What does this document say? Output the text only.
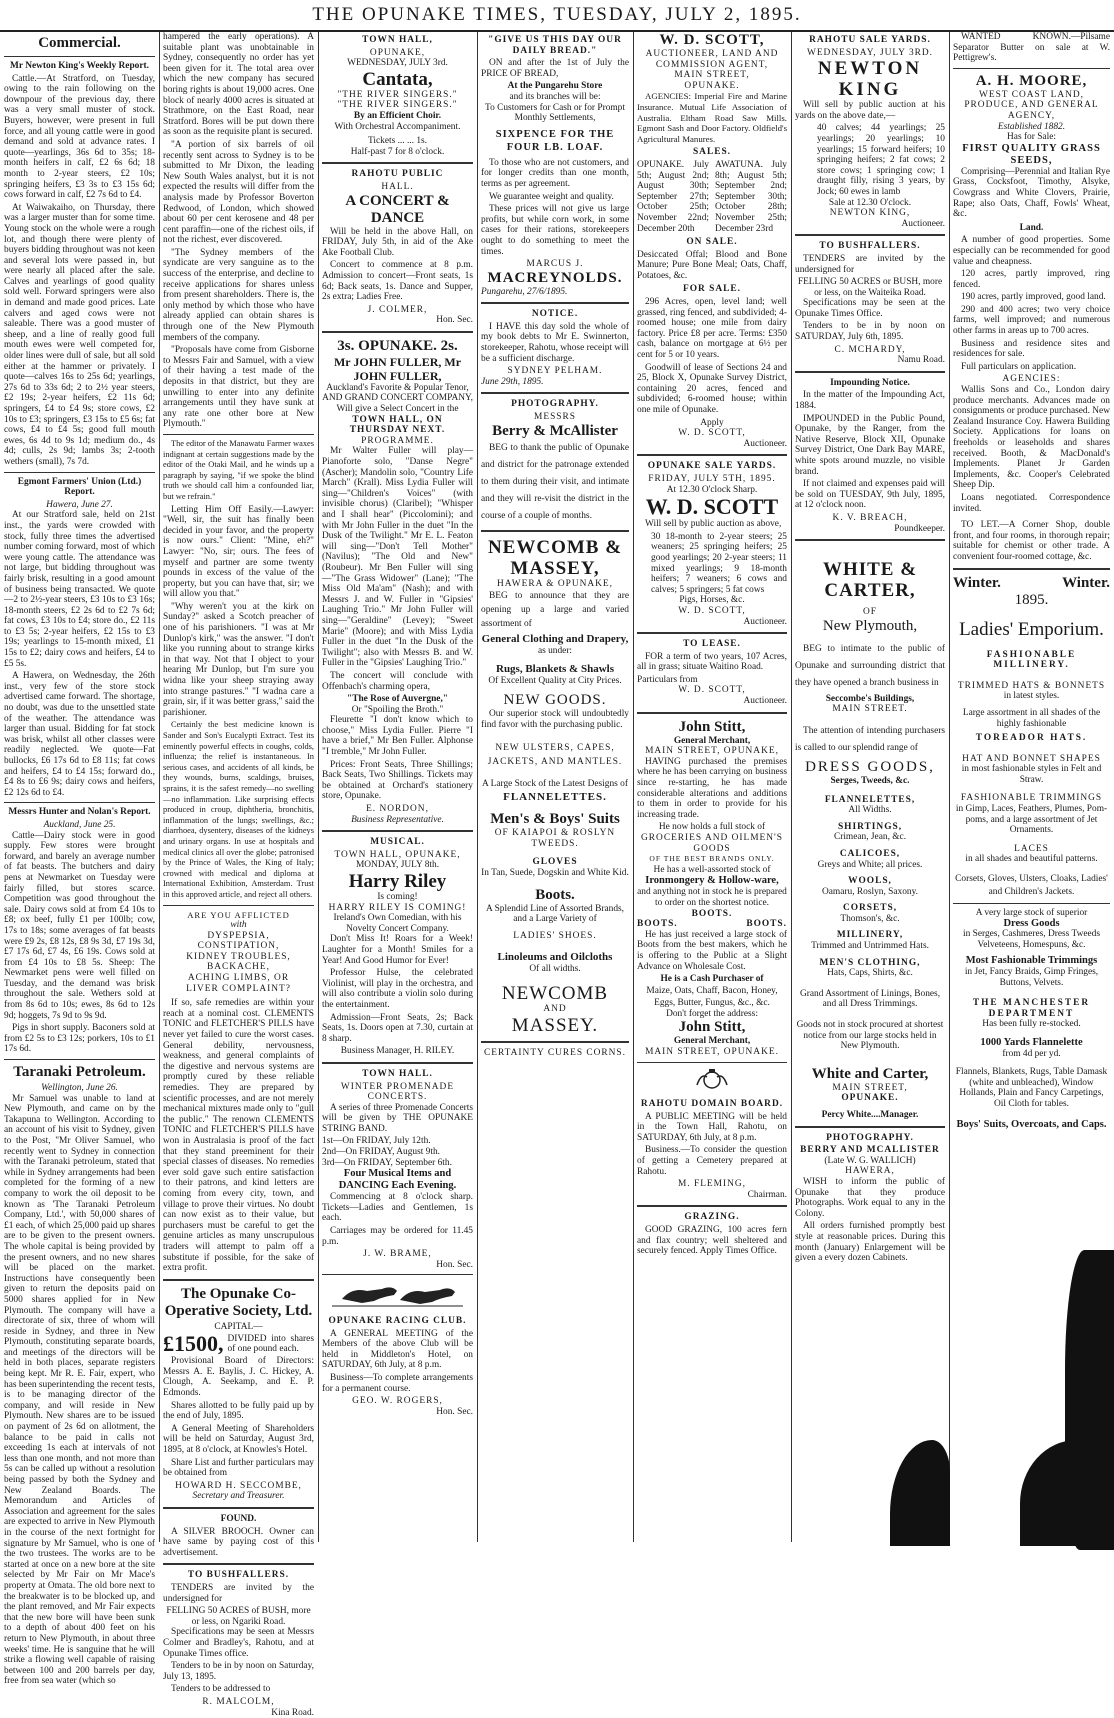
THE OPUNAKE TIMES, TUESDAY, JULY 2, 1895.
Commercial.
Mr Newton King's Weekly Report.

Cattle.—At Stratford, on Tuesday, owing to the rain following on the downpour of the previous day, there was a very small muster of stock. Buyers, however, were present in full force, and all young cattle were in good demand and sold at advance rates. I quote—yearlings, 36s 6d to 35s; 18-month heifers in calf, £2 6s 6d; 18 month to 2-year steers, £2 10s; springing heifers, £3 3s to £3 15s 6d; cows forward in calf, £2 7s 6d to £4.

At Waiwakaiho, on Thursday, there was a larger muster than for some time. Young stock on the whole were a rough lot, and though there were plenty of buyers bidding throughout was not keen and several lots were passed in, but were nearly all placed after the sale. Calves and yearlings of good quality sold well. Forward springers were also in demand and made good prices. Late calvers and aged cows were not saleable. There was a good muster of sheep, and a line of really good full mouth ewes were well competed for, older lines were dull of sale, but all sold either at the hammer or privately. I quote—calves 16s to 25s 6d; yearlings, 27s 6d to 33s 6d; 2 to 2½ year steers, £2 19s; 2-year heifers, £2 11s 6d; springers, £4 to £4 9s; store cows, £2 10s to £3; springers, £3 15s to £5 6s; fat cows, £4 to £4 5s; good full mouth ewes, 6s 4d to 9s 1d; medium do., 4s 4d; culls, 2s 9d; lambs 3s; 2-tooth wethers (small), 7s 7d.

Egmont Farmers' Union (Ltd.) Report.
Hawera, June 27.

At our Stratford sale, held on 21st inst., the yards were crowded with stock, fully three times the advertised number coming forward, most of which were young cattle. The attendance was not large, but bidding throughout was fairly brisk, resulting in a good amount of business being transacted. We quote—2 to 2½-year steers, £3 10s to £3 16s; 18-month steers, £2 2s 6d to £2 7s 6d; fat cows, £3 10s to £4; store do., £2 11s to £3 5s; 2-year heifers, £2 15s to £3 19s; yearlings to 15-month mixed, £1 15s to £2; dairy cows and heifers, £4 to £5 5s.

A Hawera, on Wednesday, the 26th inst., very few of the store stock advertised came forward. The shortage, no doubt, was due to the unsettled state of the weather. The attendance was larger than usual. Bidding for fat stock was brisk, whilst all other classes were readily neglected. We quote—Fat bullocks, £6 17s 6d to £8 11s; fat cows and heifers, £4 to £4 15s; forward do., £4 8s to £6 9s; dairy cows and heifers, £2 12s 6d to £4.

Messrs Hunter and Nolan's Report.
Auckland, June 25.

Cattle—Dairy stock were in good supply. Few stores were brought forward, and barely an average number of fat beasts. The butchers and dairy pens at Newmarket on Tuesday were fairly filled, but stores scarce. Competition was good throughout the sale. Dairy cows sold at from £4 10s to £8; ox beef, fully £1 per 100lb; cow, 17s to 18s; some averages of fat beasts were £9 2s, £8 12s, £8 9s 3d, £7 19s 3d, £7 17s 6d, £7 4s, £6 19s. Cows sold at from £4 10s to £8 5s. Sheep: The Newmarket pens were well filled on Tuesday, and the demand was brisk throughout the sale. Wethers sold at from 8s 6d to 10s; ewes, 8s 6d to 12s 9d; hoggets, 7s 9d to 9s 9d.

Pigs in short supply. Baconers sold at from £2 5s to £3 12s; porkers, 10s to £1 17s 6d.

Taranaki Petroleum.
Wellington, June 26.

Mr Samuel was unable to land at New Plymouth, and came on by the Takapuna to Wellington. According to an account of his visit to Sydney, given to the Post, "Mr Oliver Samuel, who recently went to Sydney in connection with the Taranaki petroleum, stated that while in Sydney arrangements had been completed for the forming of a new company to work the oil deposit to be known as 'The Taranaki Petroleum Company, Ltd.', with 50,000 shares of £1 each, of which 25,000 paid up shares are to be given to the present owners. The whole capital is being provided by the present owners, and no new shares will be placed on the market. Instructions have consequently been given to return the deposits paid on 5000 shares applied for in New Plymouth. The company will have a directorate of six, three of whom will reside in Sydney, and three in New Plymouth, constituting separate boards, and meetings of the directors will be held in both places, separate registers being kept. Mr R. E. Fair, expert, who has been superintending the recent tests, is to be managing director of the company, and will reside in New Plymouth. New shares are to be issued on payment of 2s 6d on allotment, the balance to be paid in calls not exceeding 1s each at intervals of not less than one month, and not more than 5s can be called up without a resolution being passed by both the Sydney and New Zealand Boards. The Memorandum and Articles of Association and agreement for the sales are expected to arrive in New Plymouth in the course of the next fortnight for signature by Mr Samuel, who is one of the two trustees. The works are to be started at once on a new bore at the site selected by Mr Fair on Mr Mace's property at Omata. The old bore next to the breakwater is to be blocked up, and the plant removed, and Mr Fair expects that the new bore will have been sunk to a depth of about 400 feet on his return to New Plymouth, in about three weeks' time. He is sanguine that he will strike a flowing well capable of raising between 100 and 200 barrels per day, free from sea water (which so

hampered the early operations). A suitable plant was unobtainable in Sydney, consequently no order has yet been given for it. The total area over which the new company has secured boring rights is about 19,000 acres. One block of nearly 4000 acres is situated at Strathmore, on the East Road, near Stratford. Bores will be put down there as soon as the requisite plant is secured.

"A portion of six barrels of oil recently sent across to Sydney is to be submitted to Mr Dixon, the leading New South Wales analyst, but it is not expected the results will differ from the analysis made by Professor Boverton Redwood, of London, which showed about 60 per cent kerosene and 48 per cent paraffin—one of the richest oils, if not the richest, ever discovered.

"The Sydney members of the syndicate are very sanguine as to the success of the enterprise, and decline to receive applications for shares unless from present shareholders. There is, the only method by which those who have already applied can obtain shares is through one of the New Plymouth members of the company.

"Proposals have come from Gisborne to Messrs Fair and Samuel, with a view of their having a test made of the deposits in that district, but they are unwilling to enter into any definite arrangements until they have sunk at any rate one other bore at New Plymouth."

The editor of the Manawatu Farmer waxes indignant at certain suggestions made by the editor of the Otaki Mail, and he winds up a paragraph by saying, "if we spoke the blind truth we should call him a confounded liar, but we refrain."

Letting Him Off Easily.—Lawyer: "Well, sir, the suit has finally been decided in your favor, and the property is now ours." Client: "Mine, eh?" Lawyer: "No, sir; ours. The fees of myself and partner are some twenty pounds in excess of the value of the property, but you can have that, sir; we will allow you that."

"Why weren't you at the kirk on Sunday?" asked a Scotch preacher of one of his parishioners. "I was at Mr Dunlop's kirk," was the answer. "I don't like you running about to strange kirks in that way. Not that I object to your hearing Mr Dunlop, but I'm sure you widna like your sheep straying away into strange pastures." "I wadna care a grain, sir, if it was better grass," said the parishioner.

Certainly the best medicine known is Sander and Son's Eucalypti Extract. Test its eminently powerful effects in coughs, colds, influenza; the relief is instantaneous. In serious cases, and accidents of all kinds, be they wounds, burns, scaldings, bruises, sprains, it is the safest remedy—no swelling—no inflammation. Like surprising effects produced in croup, diphtheria, bronchitis, inflammation of the lungs; swellings, &c.; diarrhoea, dysentery, diseases of the kidneys and urinary organs. In use at hospitals and medical clinics all over the globe; patronised by the Prince of Wales, the King of Italy; crowned with medical and diploma at International Exhibition, Amsterdam. Trust in this approved article, and reject all others.

ARE YOU AFFLICTED
with
DYSPEPSIA,
CONSTIPATION,
KIDNEY TROUBLES,
BACKACHE,
ACHING LIMBS, OR
LIVER COMPLAINT?

If so, safe remedies are within your reach at a nominal cost. CLEMENTS TONIC and FLETCHER'S PILLS have never yet failed to cure the worst cases. General debility, nervousness, weakness, and general complaints of the digestive and nervous systems are promptly cured by these reliable remedies. They are prepared by scientific processes, and are not merely mechanical mixtures made only to "gull the public." The renown CLEMENTS TONIC and FLETCHER'S PILLS have won in Australasia is proof of the fact that they stand preeminent for their special classes of diseases. No remedies ever sold gave such entire satisfaction to their patrons, and kind letters are coming from every city, town, and village to prove their virtues. No doubt can now exist as to their value, but purchasers must be careful to get the genuine articles as many unscrupulous traders will attempt to palm off a substitute if possible, for the sake of extra profit.

The Opunake Co-Operative Society, Ltd.
CAPITAL—
£1500, DIVIDED into shares of one pound each.

Provisional Board of Directors: Messrs A. E. Baylis, J. C. Hickey, A. Clough, A. Seekamp, and E. P. Edmonds.

Shares allotted to be fully paid up by the end of July, 1895.

A General Meeting of Shareholders will be held on Saturday, August 3rd, 1895, at 8 o'clock, at Knowles's Hotel.

Share List and further particulars may be obtained from

HOWARD H. SECCOMBE,
Secretary and Treasurer.
FOUND.

A SILVER BROOCH. Owner can have same by paying cost of this advertisement.

TO BUSHFALLERS.

TENDERS are invited by the undersigned for

FELLING 50 ACRES of BUSH, more or less, on Ngariki Road.

Specifications may be seen at Messrs Colmer and Bradley's, Rahotu, and at Opunake Times office.

Tenders to be in by noon on Saturday, July 13, 1895.

Tenders to be addressed to

R. MALCOLM,
Kina Road.
TOWN HALL,
OPUNAKE,
WEDNESDAY, JULY 3rd.
Cantata,
"THE RIVER SINGERS."
"THE RIVER SINGERS."
By an Efficient Choir.
With Orchestral Accompaniment.
Tickets ... ... 1s.
Half-past 7 for 8 o'clock.
RAHOTU PUBLIC
HALL.
A CONCERT & DANCE

Will be held in the above Hall, on FRIDAY, July 5th, in aid of the Ake Ake Football Club.

Concert to commence at 8 p.m. Admission to concert—Front seats, 1s 6d; Back seats, 1s. Dance and Supper, 2s extra; Ladies Free.

J. COLMER,
Hon. Sec.
3s. OPUNAKE. 2s.
Mr JOHN FULLER, Mr JOHN FULLER,
Auckland's Favorite & Popular Tenor, AND GRAND CONCERT COMPANY, Will give a Select Concert in the
TOWN HALL, ON THURSDAY NEXT.
PROGRAMME.

Mr Walter Fuller will play—Pianoforte solo, "Danse Negre" (Ascher); Mandolin solo, "Country Life March" (Krall). Miss Lydia Fuller will sing—"Children's Voices" (with invisible chorus) (Claribel); "Whisper and I shall hear" (Piccolomini); and with Mr John Fuller in the duet "In the Dusk of the Twilight." Mr E. L. Featon will sing—"Don't Tell Mother" (Navilus); "The Old and New" (Roubeur). Mr Ben Fuller will sing—"The Grass Widower" (Lane); "The Miss Old Ma'am" (Nash); and with Messrs J. and W. Fuller in "Gipsies' Laughing Trio." Mr John Fuller will sing—"Geraldine" (Levey); "Sweet Marie" (Moore); and with Miss Lydia Fuller in the duet "In the Dusk of the Twilight"; also with Messrs B. and W. Fuller in the "Gipsies' Laughing Trio."

The concert will conclude with Offenbach's charming opera,

"The Rose of Auvergne,"
Or "Spoiling the Broth."

Fleurette "I don't know which to choose," Miss Lydia Fuller. Pierre "I have a brief," Mr Ben Fuller. Alphonse "I tremble," Mr John Fuller.

Prices: Front Seats, Three Shillings; Back Seats, Two Shillings. Tickets may be obtained at Orchard's stationery store, Opunake.

E. NORDON,
Business Representative.
MUSICAL.
TOWN HALL, OPUNAKE,
MONDAY, JULY 8th.
Harry Riley
Is coming!
HARRY RILEY IS COMING!
Ireland's Own Comedian, with his Novelty Concert Company.

Don't Miss It! Roars for a Week! Laughter for a Month! Smiles for a Year! And Good Humor for Ever!

Professor Hulse, the celebrated Violinist, will play in the orchestra, and will also contribute a violin solo during the entertainment.

Admission—Front Seats, 2s; Back Seats, 1s. Doors open at 7.30, curtain at 8 sharp.

Business Manager, H. RILEY.
TOWN HALL.
WINTER PROMENADE CONCERTS.

A series of three Promenade Concerts will be given by THE OPUNAKE STRING BAND.

1st—On FRIDAY, July 12th.
2nd—On FRIDAY, August 9th.
3rd—On FRIDAY, September 6th.
Four Musical Items and DANCING Each Evening.

Commencing at 8 o'clock sharp. Tickets—Ladies and Gentlemen, 1s each.

Carriages may be ordered for 11.45 p.m.

J. W. BRAME,
Hon. Sec.
OPUNAKE RACING CLUB.

A GENERAL MEETING of the Members of the above Club will be held in Middleton's Hotel, on SATURDAY, 6th July, at 8 p.m.

Business—To complete arrangements for a permanent course.

GEO. W. ROGERS,
Hon. Sec.
"GIVE US THIS DAY OUR DAILY BREAD."

ON and after the 1st of July the PRICE OF BREAD,

At the Pungarehu Store
and its branches will be:
To Customers for Cash or for Prompt Monthly Settlements,
SIXPENCE FOR THE FOUR LB. LOAF.

To those who are not customers, and for longer credits than one month, terms as per agreement.

We guarantee weight and quality.

These prices will not give us large profits, but while corn work, in some cases for their rations, storekeepers ought to do something to meet the times.

MARCUS J.
MACREYNOLDS.
Pungarehu, 27/6/1895.
NOTICE.

I HAVE this day sold the whole of my book debts to Mr E. Swinnerton, storekeeper, Rahotu, whose receipt will be a sufficient discharge.

SYDNEY PELHAM.
June 29th, 1895.
PHOTOGRAPHY.
MESSRS
Berry & McAllister

BEG to thank the public of Opunake and district for the patronage extended to them during their visit, and intimate and they will re-visit the district in the course of a couple of months.

NEWCOMB & MASSEY,
HAWERA & OPUNAKE,

BEG to announce that they are opening up a large and varied assortment of

General Clothing and Drapery,
as under:
Rugs, Blankets & Shawls
Of Excellent Quality at City Prices.
NEW GOODS.

Our superior stock will undoubtedly find favor with the purchasing public.

NEW ULSTERS, CAPES, JACKETS, AND MANTLES.
A Large Stock of the Latest Designs of
FLANNELETTES.
Men's & Boys' Suits
OF KAIAPOI & ROSLYN TWEEDS.
GLOVES
In Tan, Suede, Dogskin and White Kid.
Boots.
A Splendid Line of Assorted Brands, and a Large Variety of
LADIES' SHOES.
Linoleums and Oilcloths
Of all widths.
NEWCOMB
AND
MASSEY.
CERTAINTY CURES CORNS.
W. D. SCOTT,
AUCTIONEER, LAND AND COMMISSION AGENT,
MAIN STREET,
OPUNAKE.

AGENCIES: Imperial Fire and Marine Insurance. Mutual Life Association of Australia. Eltham Road Saw Mills. Egmont Sash and Door Factory. Oldfield's Agricultural Manures.

SALES.
OPUNAKE. July 5th; August 2nd; August 30th; September 27th; October 25th; November 22nd; December 20th
AWATUNA. July 8th; August 5th; September 2nd; September 30th; October 28th; November 25th; December 23rd
ON SALE.
Desiccated Offal; Blood and Bone Manure; Pure Bone Meal; Oats, Chaff, Potatoes, &c.
FOR SALE.

296 Acres, open, level land; well grassed, ring fenced, and subdivided; 4-roomed house; one mile from dairy factory. Price £8 per acre. Terms: £350 cash, balance on mortgage at 6½ per cent for 5 or 10 years.

Goodwill of lease of Sections 24 and 25, Block X, Opunake Survey District, containing 20 acres, fenced and subdivided; 6-roomed house; within one mile of Opunake.

Apply
W. D. SCOTT,
Auctioneer.
OPUNAKE SALE YARDS.
FRIDAY, JULY 5TH, 1895.
At 12.30 O'clock Sharp.
W. D. SCOTT

Will sell by public auction as above,

30 18-month to 2-year steers; 25 weaners; 25 springing heifers; 25 good yearlings; 20 2-year steers; 11 mixed yearlings; 9 18-month heifers; 7 weaners; 6 cows and calves; 5 springers; 5 fat cows
Pigs, Horses, &c.
W. D. SCOTT,
Auctioneer.
TO LEASE.

FOR a term of two years, 107 Acres, all in grass; situate Waitino Road.

Particulars from
W. D. SCOTT,
Auctioneer.
John Stitt,
General Merchant,
MAIN STREET, OPUNAKE,

HAVING purchased the premises where he has been carrying on business since re-starting, he has made considerable alterations and additions to them in order to provide for his increasing trade.

He now holds a full stock of
GROCERIES AND OILMEN'S GOODS
OF THE BEST BRANDS ONLY.
He has a well-assorted stock of
Ironmongery & Hollow-ware,
and anything not in stock he is prepared to order on the shortest notice.
BOOTS.
BOOTS.	BOOTS.

He has just received a large stock of Boots from the best makers, which he is offering to the Public at a Slight Advance on Wholesale Cost.

He is a Cash Purchaser of
Maize, Oats, Chaff, Bacon, Honey, Eggs, Butter, Fungus, &c., &c.
Don't forget the address:
John Stitt,
General Merchant,
MAIN STREET, OPUNAKE.
RAHOTU DOMAIN BOARD.

A PUBLIC MEETING will be held in the Town Hall, Rahotu, on SATURDAY, 6th July, at 8 p.m.

Business.—To consider the question of getting a Cemetery prepared at Rahotu.

M. FLEMING,
Chairman.
GRAZING.

GOOD GRAZING, 100 acres fern and flax country; well sheltered and securely fenced. Apply Times Office.

RAHOTU SALE YARDS.
WEDNESDAY, JULY 3RD.
NEWTON KING

Will sell by public auction at his yards on the above date,—

40 calves; 44 yearlings; 25 yearlings; 20 yearlings; 10 yearlings; 15 forward heifers; 10 springing heifers; 2 fat cows; 2 store cows; 1 springing cow; 1 draught filly, rising 3 years, by Jock; 60 ewes in lamb
Sale at 12.30 O'clock.
NEWTON KING,
Auctioneer.
TO BUSHFALLERS.

TENDERS are invited by the undersigned for

FELLING 50 ACRES or BUSH, more or less, on the Waiteika Road.

Specifications may be seen at the Opunake Times Office.

Tenders to be in by noon on SATURDAY, July 6th, 1895.

C. MCHARDY,
Namu Road.
Impounding Notice.

In the matter of the Impounding Act, 1884.

IMPOUNDED in the Public Pound, Opunake, by the Ranger, from the Native Reserve, Block XII, Opunake Survey District, One Dark Bay MARE, white spots around muzzle, no visible brand.

If not claimed and expenses paid will be sold on TUESDAY, 9th July, 1895, at 12 o'clock noon.

K. V. BREACH,
Poundkeeper.
WHITE & CARTER,
OF
New Plymouth,

BEG to intimate to the public of Opunake and surrounding district that they have opened a branch business in

Seccombe's Buildings,
MAIN STREET.

The attention of intending purchasers is called to our splendid range of

DRESS GOODS,
Serges, Tweeds, &c.
FLANNELETTES,
All Widths.
SHIRTINGS,
Crimean, Jean, &c.
CALICOES,
Greys and White; all prices.
WOOLS,
Oamaru, Roslyn, Saxony.
CORSETS,
Thomson's, &c.
MILLINERY,
Trimmed and Untrimmed Hats.
MEN'S CLOTHING,
Hats, Caps, Shirts, &c.
Grand Assortment of Linings, Bones, and all Dress Trimmings.
Goods not in stock procured at shortest notice from our large stocks held in New Plymouth.
White and Carter,
MAIN STREET,
OPUNAKE.
Percy White....Manager.
PHOTOGRAPHY.
BERRY AND MCALLISTER
(Late W. G. WALLICH)
HAWERA,

WISH to inform the public of Opunake that they produce Photographs. Work equal to any in the Colony.

All orders furnished promptly best style at reasonable prices. During this month (January) Enlargement will be given a every dozen Cabinets.

WANTED KNOWN.—Pilsame Separator Butter on sale at W. Pettigrew's.

A. H. MOORE,
WEST COAST LAND, PRODUCE, AND GENERAL AGENCY,
Established 1882.
Has for Sale:
FIRST QUALITY GRASS SEEDS,

Comprising—Perennial and Italian Rye Grass, Cocksfoot, Timothy, Alsyke, Cowgrass and White Clovers, Prairie, Rape; also Oats, Chaff, Fowls' Wheat, &c.

Land.

A number of good properties. Some especially can be recommended for good value and cheapness.

120 acres, partly improved, ring fenced.

190 acres, partly improved, good land.

290 and 400 acres; two very choice farms, well improved; and numerous other farms in areas up to 700 acres.

Business and residence sites and residences for sale.

Full particulars on application.

AGENCIES:

Wallis Sons and Co., London dairy produce merchants. Advances made on consignments or produce purchased. New Zealand Insurance Coy. Hawera Building Society. Applications for loans on freeholds or leaseholds and shares received. Booth, & MacDonald's Implements. Planet Jr Garden Implements, &c. Cooper's Celebrated Sheep Dip.

Loans negotiated. Correspondence invited.

TO LET.—A Corner Shop, double front, and four rooms, in thorough repair; suitable for chemist or other trade. A convenient four-roomed cottage, &c.

Winter.	Winter.
1895.
Ladies' Emporium.
FASHIONABLE MILLINERY.
TRIMMED HATS & BONNETS
in latest styles.
Large assortment in all shades of the highly fashionable
TOREADOR HATS.
HAT AND BONNET SHAPES
in most fashionable styles in Felt and Straw.
FASHIONABLE TRIMMINGS
in Gimp, Laces, Feathers, Plumes, Pom-poms, and a large assortment of Jet Ornaments.
LACES
in all shades and beautiful patterns.
Corsets, Gloves, Ulsters, Cloaks, Ladies' and Children's Jackets.
A very large stock of superior
Dress Goods
in Serges, Cashmeres, Dress Tweeds Velveteens, Homespuns, &c.
Most Fashionable Trimmings
in Jet, Fancy Braids, Gimp Fringes, Buttons, Velvets.
THE MANCHESTER DEPARTMENT
Has been fully re-stocked.
1000 Yards Flannelette
from 4d per yd.
Flannels, Blankets, Rugs, Table Damask (white and unbleached), Window Hollands, Plain and Fancy Carpetings, Oil Cloth for tables.
Boys' Suits, Overcoats, and Caps.
